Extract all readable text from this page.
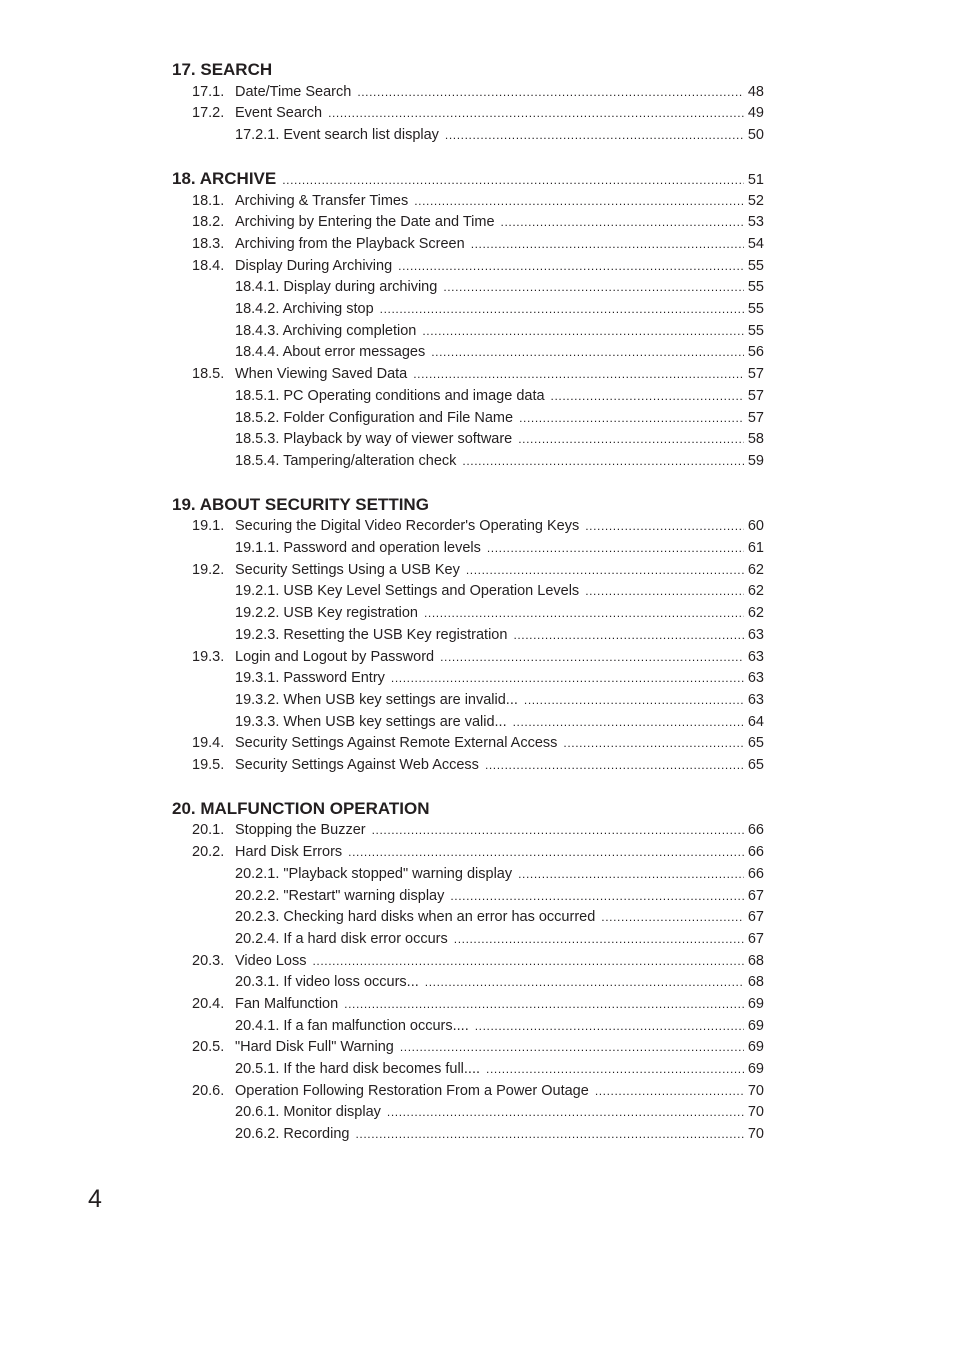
17. SEARCH
17.1. Date/Time Search .....	48
17.2. Event Search .....	49
17.2.1. Event search list display .....	50
18. ARCHIVE .....	51
18.1. Archiving & Transfer Times .....	52
18.2. Archiving by Entering the Date and Time .....	53
18.3. Archiving from the Playback Screen .....	54
18.4. Display During Archiving .....	55
18.4.1. Display during archiving .....	55
18.4.2. Archiving stop .....	55
18.4.3. Archiving completion .....	55
18.4.4. About error messages .....	56
18.5. When Viewing Saved Data .....	57
18.5.1. PC Operating conditions and image data .....	57
18.5.2. Folder Configuration and File Name .....	57
18.5.3. Playback by way of viewer software .....	58
18.5.4. Tampering/alteration check .....	59
19. ABOUT SECURITY SETTING
19.1. Securing the Digital Video Recorder's Operating Keys .....	60
19.1.1. Password and operation levels .....	61
19.2. Security Settings Using a USB Key .....	62
19.2.1. USB Key Level Settings and Operation Levels .....	62
19.2.2. USB Key registration .....	62
19.2.3. Resetting the USB Key registration .....	63
19.3. Login and Logout by Password .....	63
19.3.1. Password Entry .....	63
19.3.2. When USB key settings are invalid... .....	63
19.3.3. When USB key settings are valid... .....	64
19.4. Security Settings Against Remote External Access .....	65
19.5. Security Settings Against Web Access .....	65
20. MALFUNCTION OPERATION
20.1. Stopping the Buzzer .....	66
20.2. Hard Disk Errors .....	66
20.2.1. "Playback stopped" warning display .....	66
20.2.2. "Restart" warning display .....	67
20.2.3. Checking hard disks when an error has occurred .....	67
20.2.4. If a hard disk error occurs .....	67
20.3. Video Loss .....	68
20.3.1. If video loss occurs... .....	68
20.4. Fan Malfunction .....	69
20.4.1. If a fan malfunction occurs.... .....	69
20.5. "Hard Disk Full" Warning .....	69
20.5.1. If the hard disk becomes full.... .....	69
20.6. Operation Following Restoration From a Power Outage .....	70
20.6.1. Monitor display .....	70
20.6.2. Recording .....	70
4
